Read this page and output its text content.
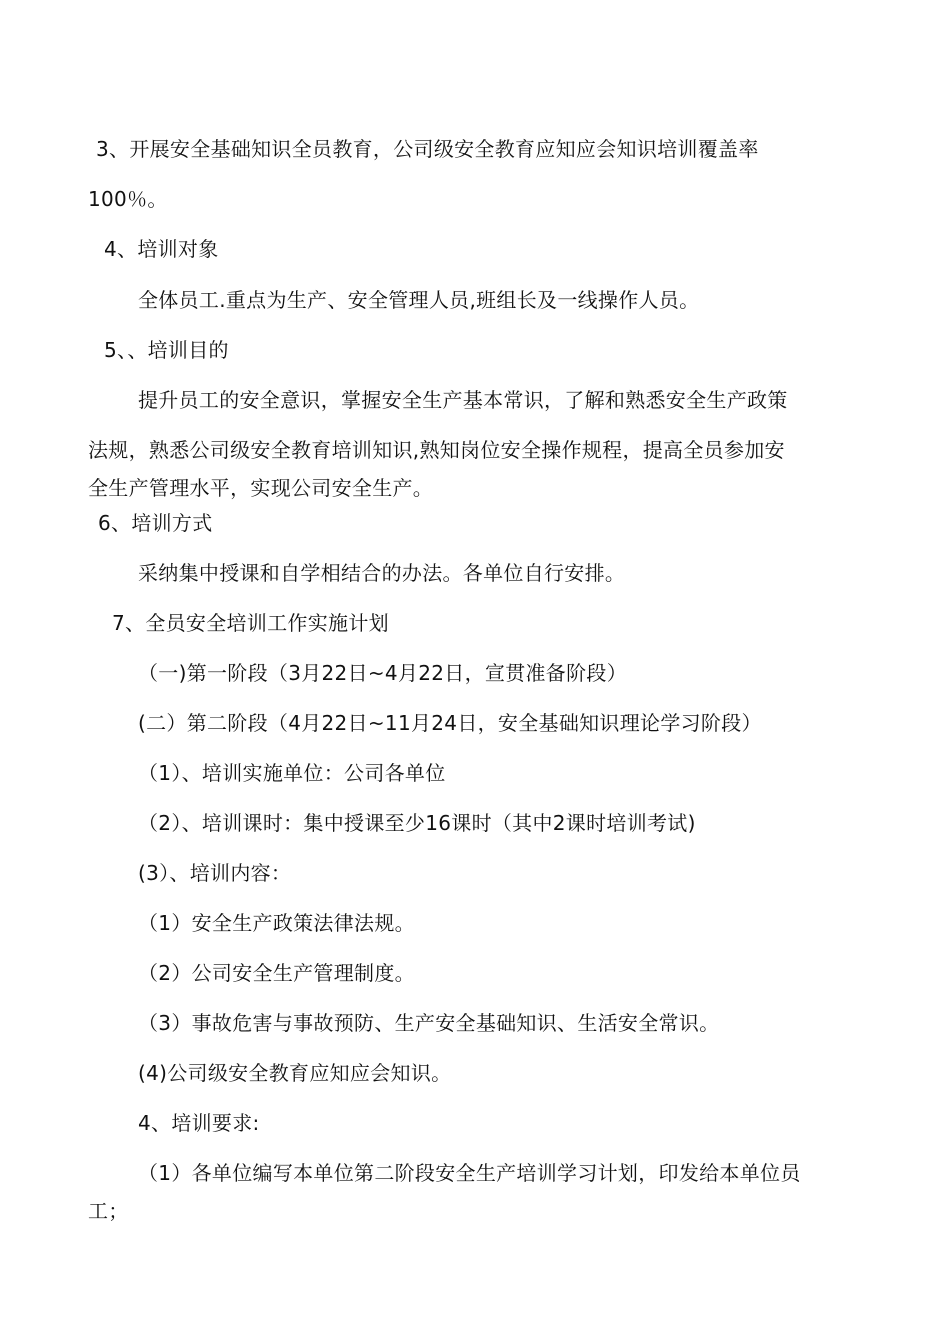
3、开展安全基础知识全员教育，公司级安全教育应知应会知识培训覆盖率
100％。
4、培训对象
全体员工.重点为生产、安全管理人员,班组长及一线操作人员。
5、、培训目的
提升员工的安全意识，掌握安全生产基本常识，了解和熟悉安全生产政策
法规，熟悉公司级安全教育培训知识,熟知岗位安全操作规程，提高全员参加安
全生产管理水平，实现公司安全生产。
6、培训方式
采纳集中授课和自学相结合的办法。各单位自行安排。
7、全员安全培训工作实施计划
（一)第一阶段（3月22日~4月22日，宣贯准备阶段）
(二）第二阶段（4月22日~11月24日，安全基础知识理论学习阶段）
（1）、培训实施单位：公司各单位
（2）、培训课时：集中授课至少16课时（其中2课时培训考试)
(3）、培训内容：
（1）安全生产政策法律法规。
（2）公司安全生产管理制度。
（3）事故危害与事故预防、生产安全基础知识、生活安全常识。
(4)公司级安全教育应知应会知识。
4、培训要求:
（1）各单位编写本单位第二阶段安全生产培训学习计划，印发给本单位员
工；
